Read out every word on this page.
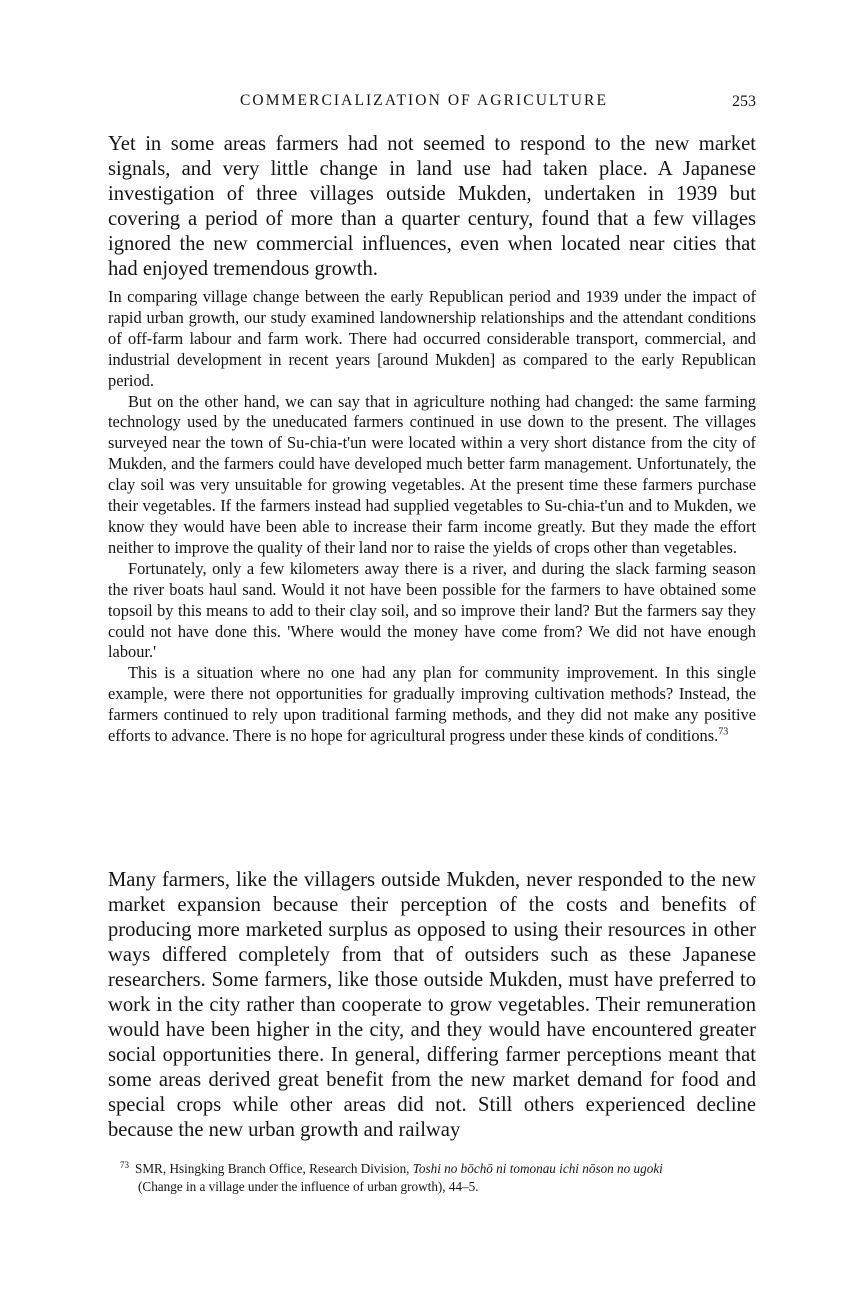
COMMERCIALIZATION OF AGRICULTURE	253

Yet in some areas farmers had not seemed to respond to the new market signals, and very little change in land use had taken place. A Japanese investigation of three villages outside Mukden, undertaken in 1939 but covering a period of more than a quarter century, found that a few villages ignored the new commercial influences, even when located near cities that had enjoyed tremendous growth.

In comparing village change between the early Republican period and 1939 under the impact of rapid urban growth, our study examined landownership relationships and the attendant conditions of off-farm labour and farm work. There had occurred considerable transport, commercial, and industrial development in recent years [around Mukden] as compared to the early Republican period.

But on the other hand, we can say that in agriculture nothing had changed: the same farming technology used by the uneducated farmers continued in use down to the present. The villages surveyed near the town of Su-chia-t'un were located within a very short distance from the city of Mukden, and the farmers could have developed much better farm management. Unfortunately, the clay soil was very unsuitable for growing vegetables. At the present time these farmers purchase their vegetables. If the farmers instead had supplied vegetables to Su-chia-t'un and to Mukden, we know they would have been able to increase their farm income greatly. But they made the effort neither to improve the quality of their land nor to raise the yields of crops other than vegetables.

Fortunately, only a few kilometers away there is a river, and during the slack farming season the river boats haul sand. Would it not have been possible for the farmers to have obtained some topsoil by this means to add to their clay soil, and so improve their land? But the farmers say they could not have done this. 'Where would the money have come from? We did not have enough labour.'

This is a situation where no one had any plan for community improvement. In this single example, were there not opportunities for gradually improving cultivation methods? Instead, the farmers continued to rely upon traditional farming methods, and they did not make any positive efforts to advance. There is no hope for agricultural progress under these kinds of conditions.$^{73}$

Many farmers, like the villagers outside Mukden, never responded to the new market expansion because their perception of the costs and benefits of producing more marketed surplus as opposed to using their resources in other ways differed completely from that of outsiders such as these Japanese researchers. Some farmers, like those outside Mukden, must have preferred to work in the city rather than cooperate to grow vegetables. Their remuneration would have been higher in the city, and they would have encountered greater social opportunities there. In general, differing farmer perceptions meant that some areas derived great benefit from the new market demand for food and special crops while other areas did not. Still others experienced decline because the new urban growth and railway

$^{73}$ SMR, Hsingking Branch Office, Research Division, Toshi no bōchō ni tomonau ichi nōson no ugoki
(Change in a village under the influence of urban growth), 44–5.
